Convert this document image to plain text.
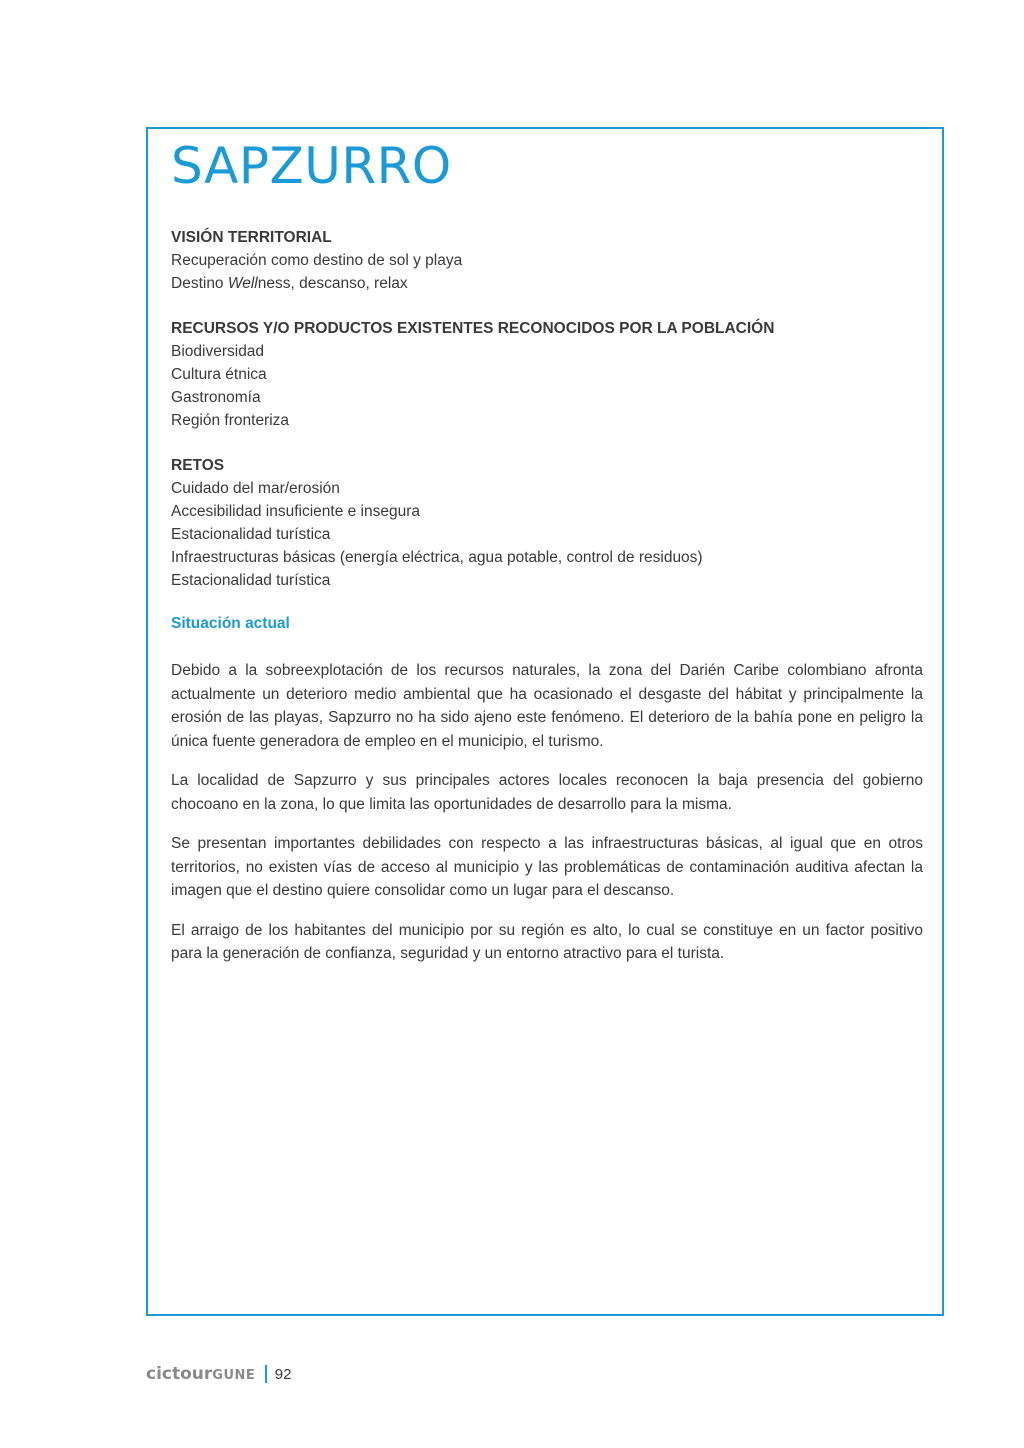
SAPZURRO

VISIÓN TERRITORIAL

Recuperación como destino de sol y playa

Destino Wellness, descanso, relax

RECURSOS Y/O PRODUCTOS EXISTENTES RECONOCIDOS POR LA POBLACIÓN

Biodiversidad

Cultura étnica

Gastronomía

Región fronteriza

RETOS

Cuidado del mar/erosión

Accesibilidad insuficiente e insegura

Estacionalidad turística

Infraestructuras básicas (energía eléctrica, agua potable, control de residuos)

Estacionalidad turística

Situación actual

Debido a la sobreexplotación de los recursos naturales, la zona del Darién Caribe colombiano afronta actualmente un deterioro medio ambiental que ha ocasionado el desgaste del hábitat y principalmente la erosión de las playas, Sapzurro no ha sido ajeno este fenómeno. El deterioro de la bahía pone en peligro la única fuente generadora de empleo en el municipio, el turismo.

La localidad de Sapzurro y sus principales actores locales reconocen la baja presencia del gobierno chocoano en la zona, lo que limita las oportunidades de desarrollo para la misma.

Se presentan importantes debilidades con respecto a las infraestructuras básicas, al igual que en otros territorios, no existen vías de acceso al municipio y las problemáticas de contaminación auditiva afectan la imagen que el destino quiere consolidar como un lugar para el descanso.

El arraigo de los habitantes del municipio por su región es alto, lo cual se constituye en un factor positivo para la generación de confianza, seguridad y un entorno atractivo para el turista.

cictourGUNE 92
